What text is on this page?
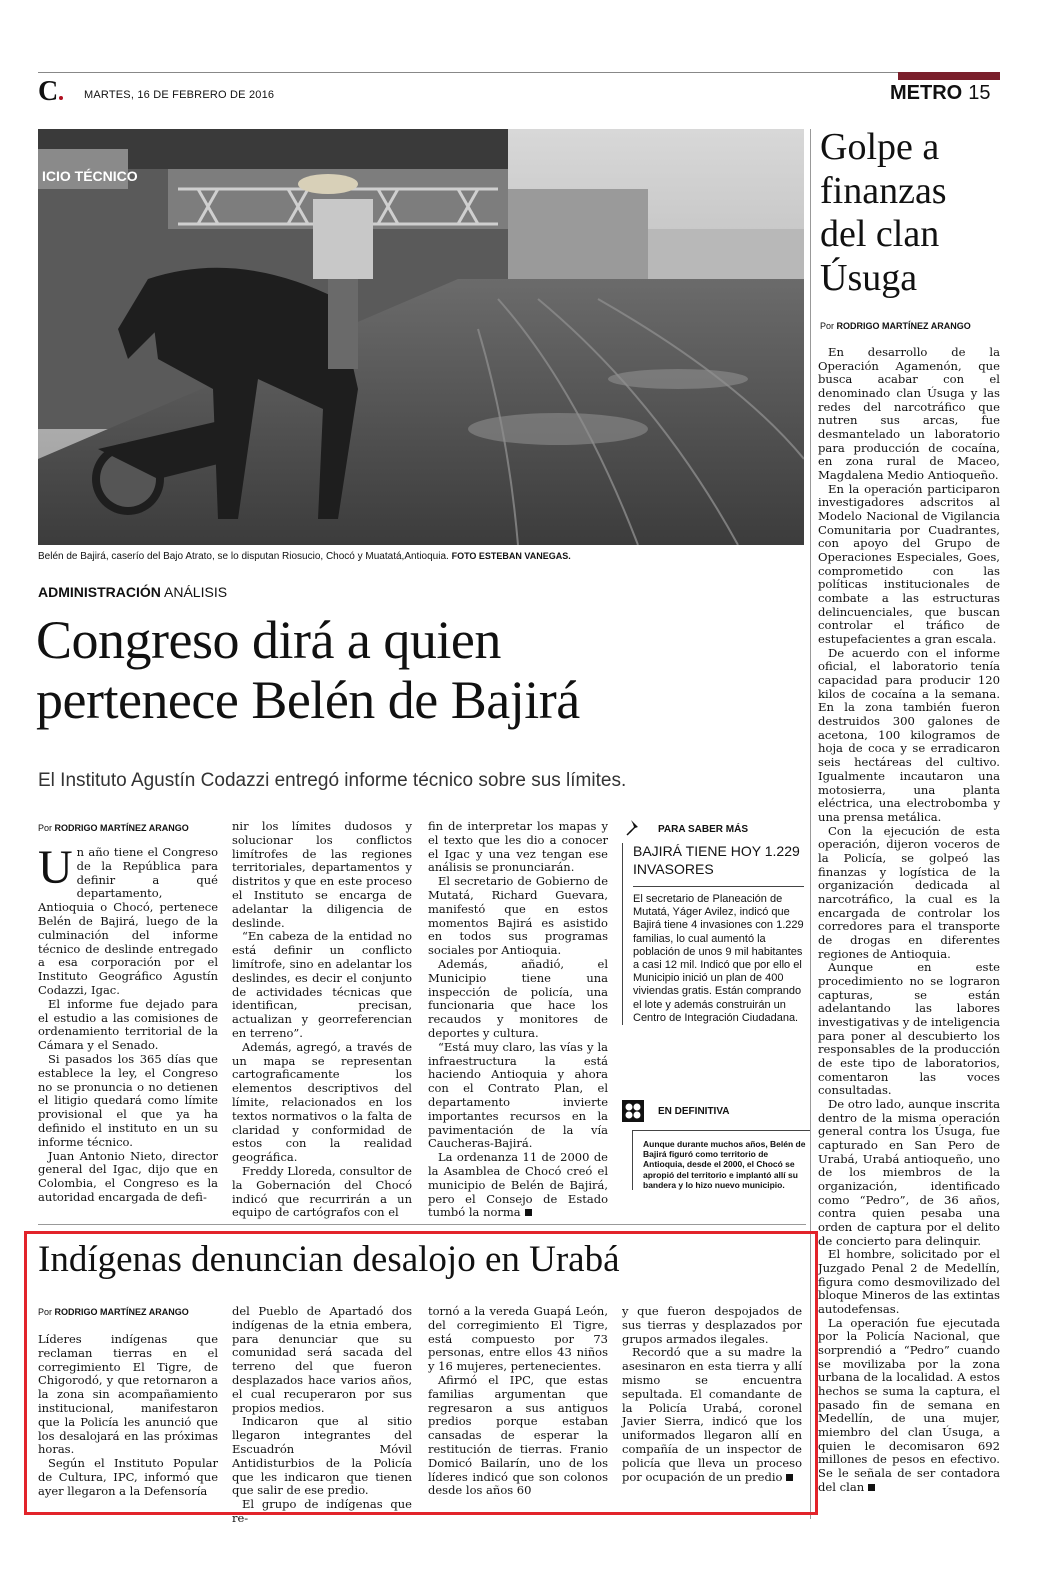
C	MARTES, 16 DE FEBRERO DE 2016	METRO 15
ICIO TÉCNICO
Belén de Bajirá, caserío del Bajo Atrato, se lo disputan Riosucio, Chocó y Muatatá,Antioquia. FOTO ESTEBAN VANEGAS.
ADMINISTRACIÓN ANÁLISIS
Congreso dirá a quien
pertenece Belén de Bajirá
El Instituto Agustín Codazzi entregó informe técnico sobre sus límites.
Por RODRIGO MARTÍNEZ ARANGO

Un año tiene el Congreso de la República para definir a qué departamento, Antioquia o Chocó, pertenece Belén de Bajirá, luego de la culminación del informe técnico de deslinde entregado a esa corporación por el Instituto Geográfico Agustín Codazzi, Igac.

El informe fue dejado para el estudio a las comisiones de ordenamiento territorial de la Cámara y el Senado.

Si pasados los 365 días que establece la ley, el Congreso no se pronuncia o no detienen el litigio quedará como límite provisional el que ya ha definido el instituto en un su informe técnico.

Juan Antonio Nieto, director general del Igac, dijo que en Colombia, el Congreso es la autoridad encargada de defi-

nir los límites dudosos y solucionar los conflictos limítrofes de las regiones territoriales, departamentos y distritos y que en este proceso el Instituto se encarga de adelantar la diligencia de deslinde.

“En cabeza de la entidad no está definir un conflicto limítrofe, sino en adelantar los deslindes, es decir el conjunto de actividades técnicas que identifican, precisan, actualizan y georreferencian en terreno”.

Además, agregó, a través de un mapa se representan cartograficamente los elementos descriptivos del límite, relacionados en los textos normativos o la falta de claridad y conformidad de estos con la realidad geográfica.

Freddy Lloreda, consultor de la Gobernación del Chocó indicó que recurrirán a un equipo de cartógrafos con el

fin de interpretar los mapas y el texto que les dio a conocer el Igac y una vez tengan ese análisis se pronunciarán.

El secretario de Gobierno de Mutatá, Richard Guevara, manifestó que en estos momentos Bajirá es asistido en todos sus programas sociales por Antioquia.

Además, añadió, el Municipio tiene una inspección de policía, una funcionaria que hace los recaudos y monitores de deportes y cultura.

“Está muy claro, las vías y la infraestructura la está haciendo Antioquia y ahora con el Contrato Plan, el departamento invierte importantes recursos en la pavimentación de la vía Caucheras-Bajirá.

La ordenanza 11 de 2000 de la Asamblea de Chocó creó el municipio de Belén de Bajirá, pero el Consejo de Estado tumbó la norma

PARA SABER MÁS
BAJIRÁ TIENE HOY 1.229 INVASORES
El secretario de Planeación de Mutatá, Yáger Avilez, indicó que Bajirá tiene 4 invasiones con 1.229 familias, lo cual aumentó la población de unos 9 mil habitantes a casi 12 mil. Indicó que por ello el Municipio inició un plan de 400 viviendas gratis. Están comprando el lote y además construirán un Centro de Integración Ciudadana.
EN DEFINITIVA
Aunque durante muchos años, Belén de Bajirá figuró como territorio de Antioquia, desde el 2000, el Chocó se apropió del territorio e implantó allí su bandera y lo hizo nuevo municipio.
Golpe a finanzas del clan Úsuga
Por RODRIGO MARTÍNEZ ARANGO

En desarrollo de la Operación Agamenón, que busca acabar con el denominado clan Úsuga y las redes del narcotráfico que nutren sus arcas, fue desmantelado un laboratorio para producción de cocaína, en zona rural de Maceo, Magdalena Medio Antioqueño.

En la operación participaron investigadores adscritos al Modelo Nacional de Vigilancia Comunitaria por Cuadrantes, con apoyo del Grupo de Operaciones Especiales, Goes, comprometido con las políticas institucionales de combate a las estructuras delincuenciales, que buscan controlar el tráfico de estupefacientes a gran escala.

De acuerdo con el informe oficial, el laboratorio tenía capacidad para producir 120 kilos de cocaína a la semana. En la zona también fueron destruidos 300 galones de acetona, 100 kilogramos de hoja de coca y se erradicaron seis hectáreas del cultivo. Igualmente incautaron una motosierra, una planta eléctrica, una electrobomba y una prensa metálica.

Con la ejecución de esta operación, dijeron voceros de la Policía, se golpeó las finanzas y logística de la organización dedicada al narcotráfico, la cual es la encargada de controlar los corredores para el transporte de drogas en diferentes regiones de Antioquia.

Aunque en este procedimiento no se lograron capturas, se están adelantando las labores investigativas y de inteligencia para poner al descubierto los responsables de la producción de este tipo de laboratorios, comentaron las voces consultadas.

De otro lado, aunque inscrita dentro de la misma operación general contra los Úsuga, fue capturado en San Pero de Urabá, Urabá antioqueño, uno de los miembros de la organización, identificado como “Pedro”, de 36 años, contra quien pesaba una orden de captura por el delito de concierto para delinquir.

El hombre, solicitado por el Juzgado Penal 2 de Medellín, figura como desmovilizado del bloque Mineros de las extintas autodefensas.

La operación fue ejecutada por la Policía Nacional, que sorprendió a “Pedro” cuando se movilizaba por la zona urbana de la localidad. A estos hechos se suma la captura, el pasado fin de semana en Medellín, de una mujer, miembro del clan Úsuga, a quien le decomisaron 692 millones de pesos en efectivo. Se le señala de ser contadora del clan

Indígenas denuncian desalojo en Urabá
Por RODRIGO MARTÍNEZ ARANGO

Líderes indígenas que reclaman tierras en el corregimiento El Tigre, de Chigorodó, y que retornaron a la zona sin acompañamiento institucional, manifestaron que la Policía les anunció que los desalojará en las próximas horas.

Según el Instituto Popular de Cultura, IPC, informó que ayer llegaron a la Defensoría

del Pueblo de Apartadó dos indígenas de la etnia embera, para denunciar que su comunidad será sacada del terreno del que fueron desplazados hace varios años, el cual recuperaron por sus propios medios.

Indicaron que al sitio llegaron integrantes del Escuadrón Móvil Antidisturbios de la Policía que les indicaron que tienen que salir de ese predio.

El grupo de indígenas que re-

tornó a la vereda Guapá León, del corregimiento El Tigre, está compuesto por 73 personas, entre ellos 43 niños y 16 mujeres, pertenecientes.

Afirmó el IPC, que estas familias argumentan que regresaron a sus antiguos predios porque estaban cansadas de esperar la restitución de tierras. Franio Domicó Bailarín, uno de los líderes indicó que son colonos desde los años 60

y que fueron despojados de sus tierras y desplazados por grupos armados ilegales.

Recordó que a su madre la asesinaron en esta tierra y allí mismo se encuentra sepultada. El comandante de la Policía Urabá, coronel Javier Sierra, indicó que los uniformados llegaron allí en compañía de un inspector de policía que lleva un proceso por ocupación de un predio
